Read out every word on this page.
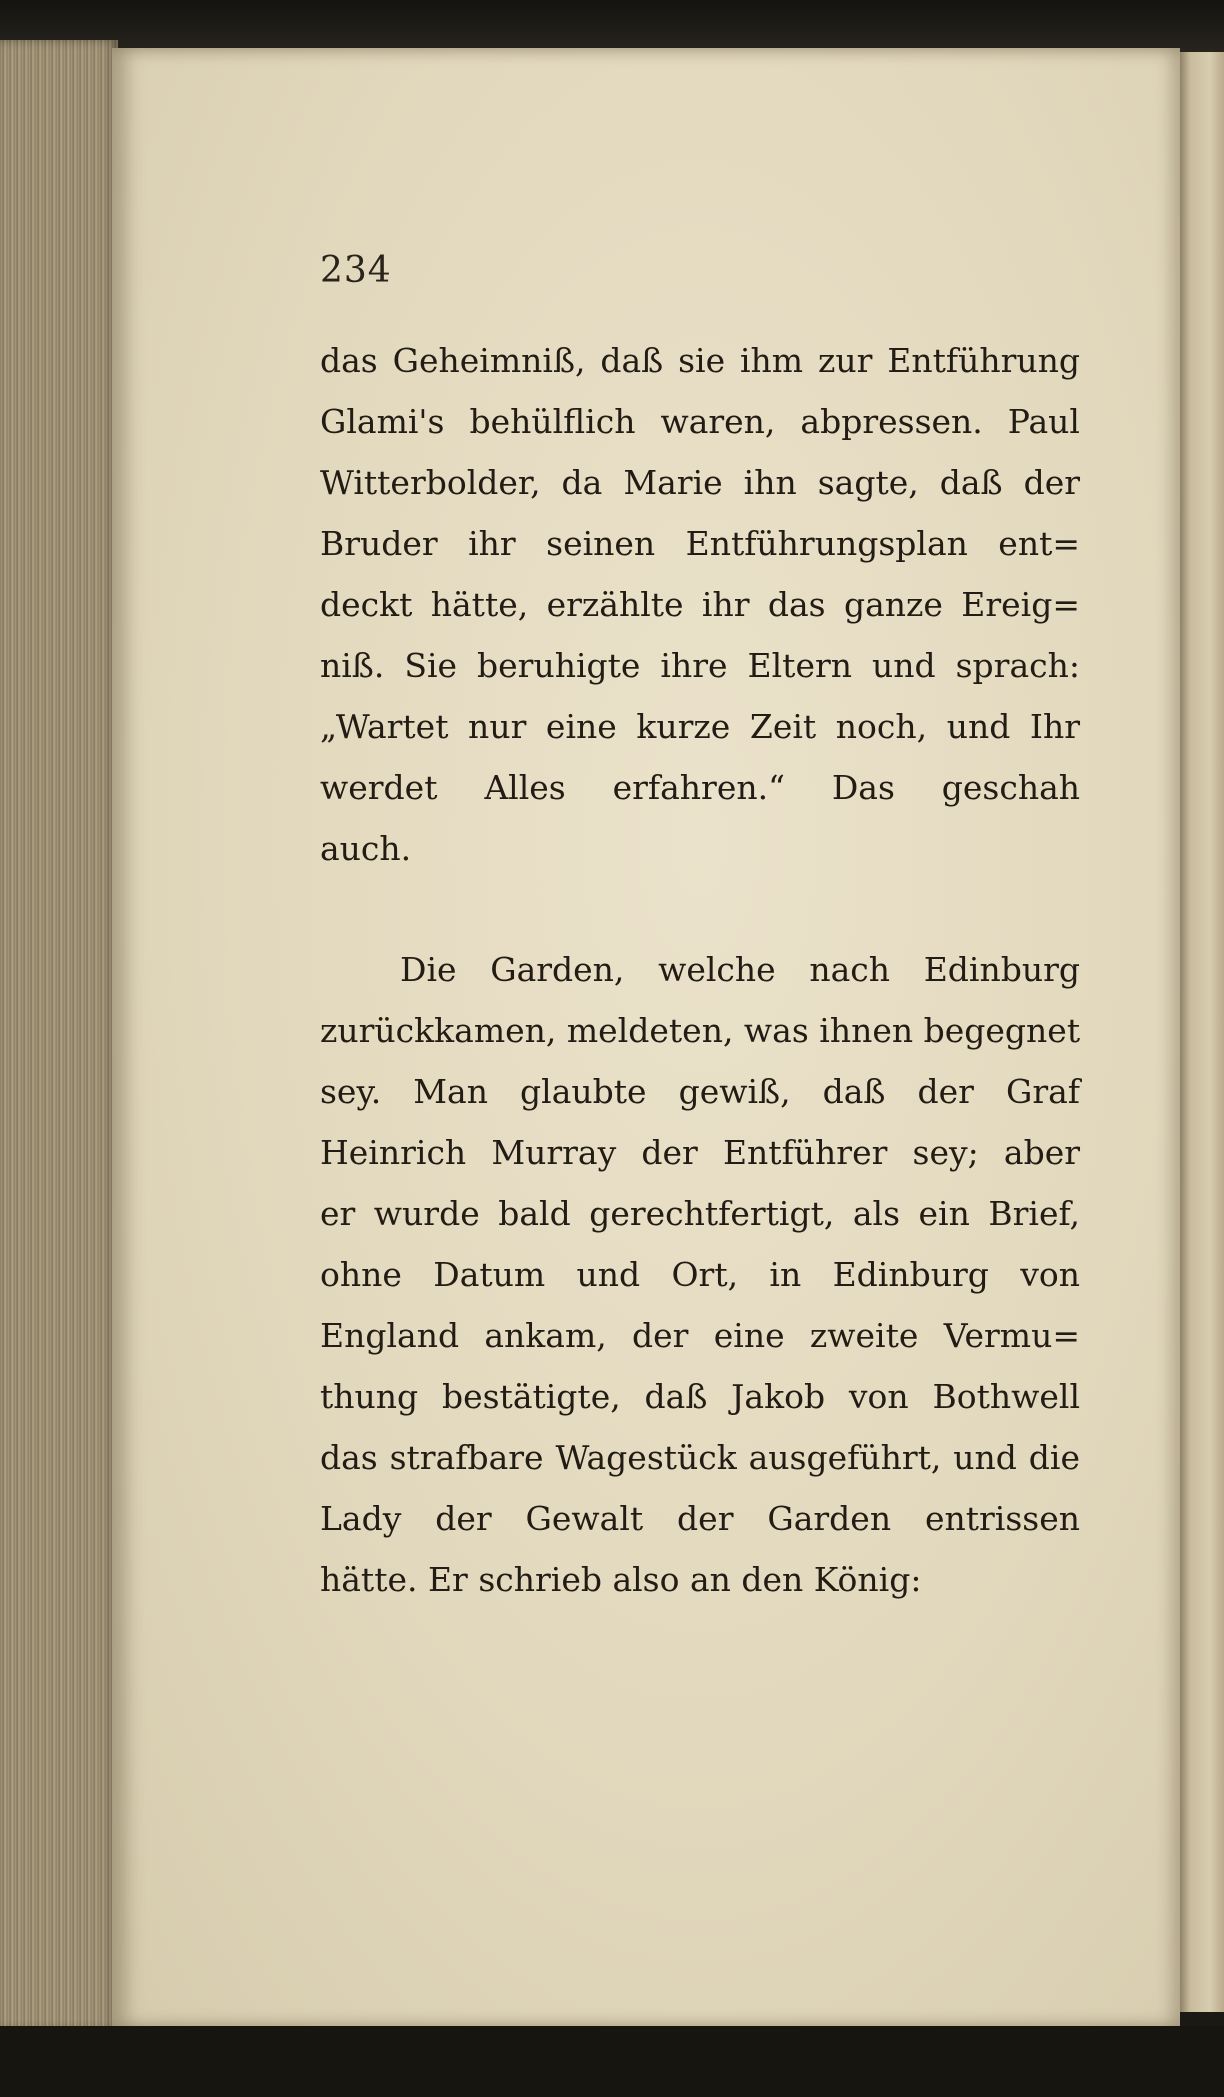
234
das Geheimniß, daß sie ihm zur Entführung
Glami's behülflich waren, abpressen. Paul
Witterbolder, da Marie ihn sagte, daß der
Bruder ihr seinen Entführungsplan ent=
deckt hätte, erzählte ihr das ganze Ereig=
niß. Sie beruhigte ihre Eltern und sprach:
„Wartet nur eine kurze Zeit noch, und Ihr
werdet Alles erfahren.“ Das geschah
auch.
Die Garden, welche nach Edinburg
zurückkamen, meldeten, was ihnen begegnet
sey. Man glaubte gewiß, daß der Graf
Heinrich Murray der Entführer sey; aber
er wurde bald gerechtfertigt, als ein Brief,
ohne Datum und Ort, in Edinburg von
England ankam, der eine zweite Vermu=
thung bestätigte, daß Jakob von Bothwell
das strafbare Wagestück ausgeführt, und die
Lady der Gewalt der Garden entrissen
hätte. Er schrieb also an den König:
